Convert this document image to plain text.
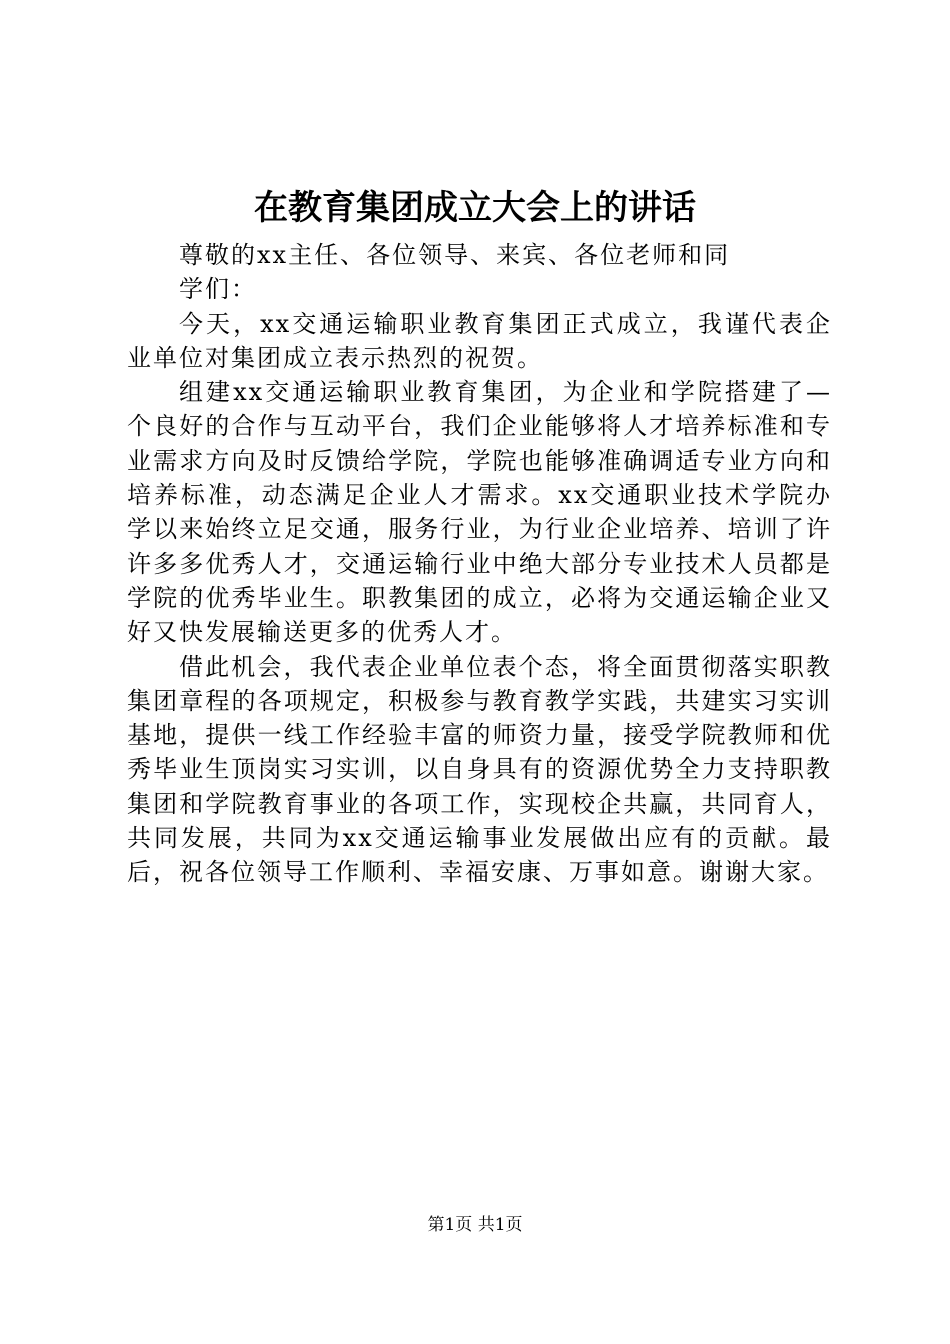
在教育集团成立大会上的讲话

尊敬的xx主任、各位领导、来宾、各位老师和同学们：

今天，xx交通运输职业教育集团正式成立，我谨代表企业单位对集团成立表示热烈的祝贺。

组建xx交通运输职业教育集团，为企业和学院搭建了—个良好的合作与互动平台，我们企业能够将人才培养标准和专业需求方向及时反馈给学院，学院也能够准确调适专业方向和培养标准，动态满足企业人才需求。xx交通职业技术学院办学以来始终立足交通，服务行业，为行业企业培养、培训了许许多多优秀人才，交通运输行业中绝大部分专业技术人员都是学院的优秀毕业生。职教集团的成立，必将为交通运输企业又好又快发展输送更多的优秀人才。

借此机会，我代表企业单位表个态，将全面贯彻落实职教集团章程的各项规定，积极参与教育教学实践，共建实习实训基地，提供一线工作经验丰富的师资力量，接受学院教师和优秀毕业生顶岗实习实训，以自身具有的资源优势全力支持职教集团和学院教育事业的各项工作，实现校企共赢，共同育人，共同发展，共同为xx交通运输事业发展做出应有的贡献。最后，祝各位领导工作顺利、幸福安康、万事如意。谢谢大家。

第1页 共1页
